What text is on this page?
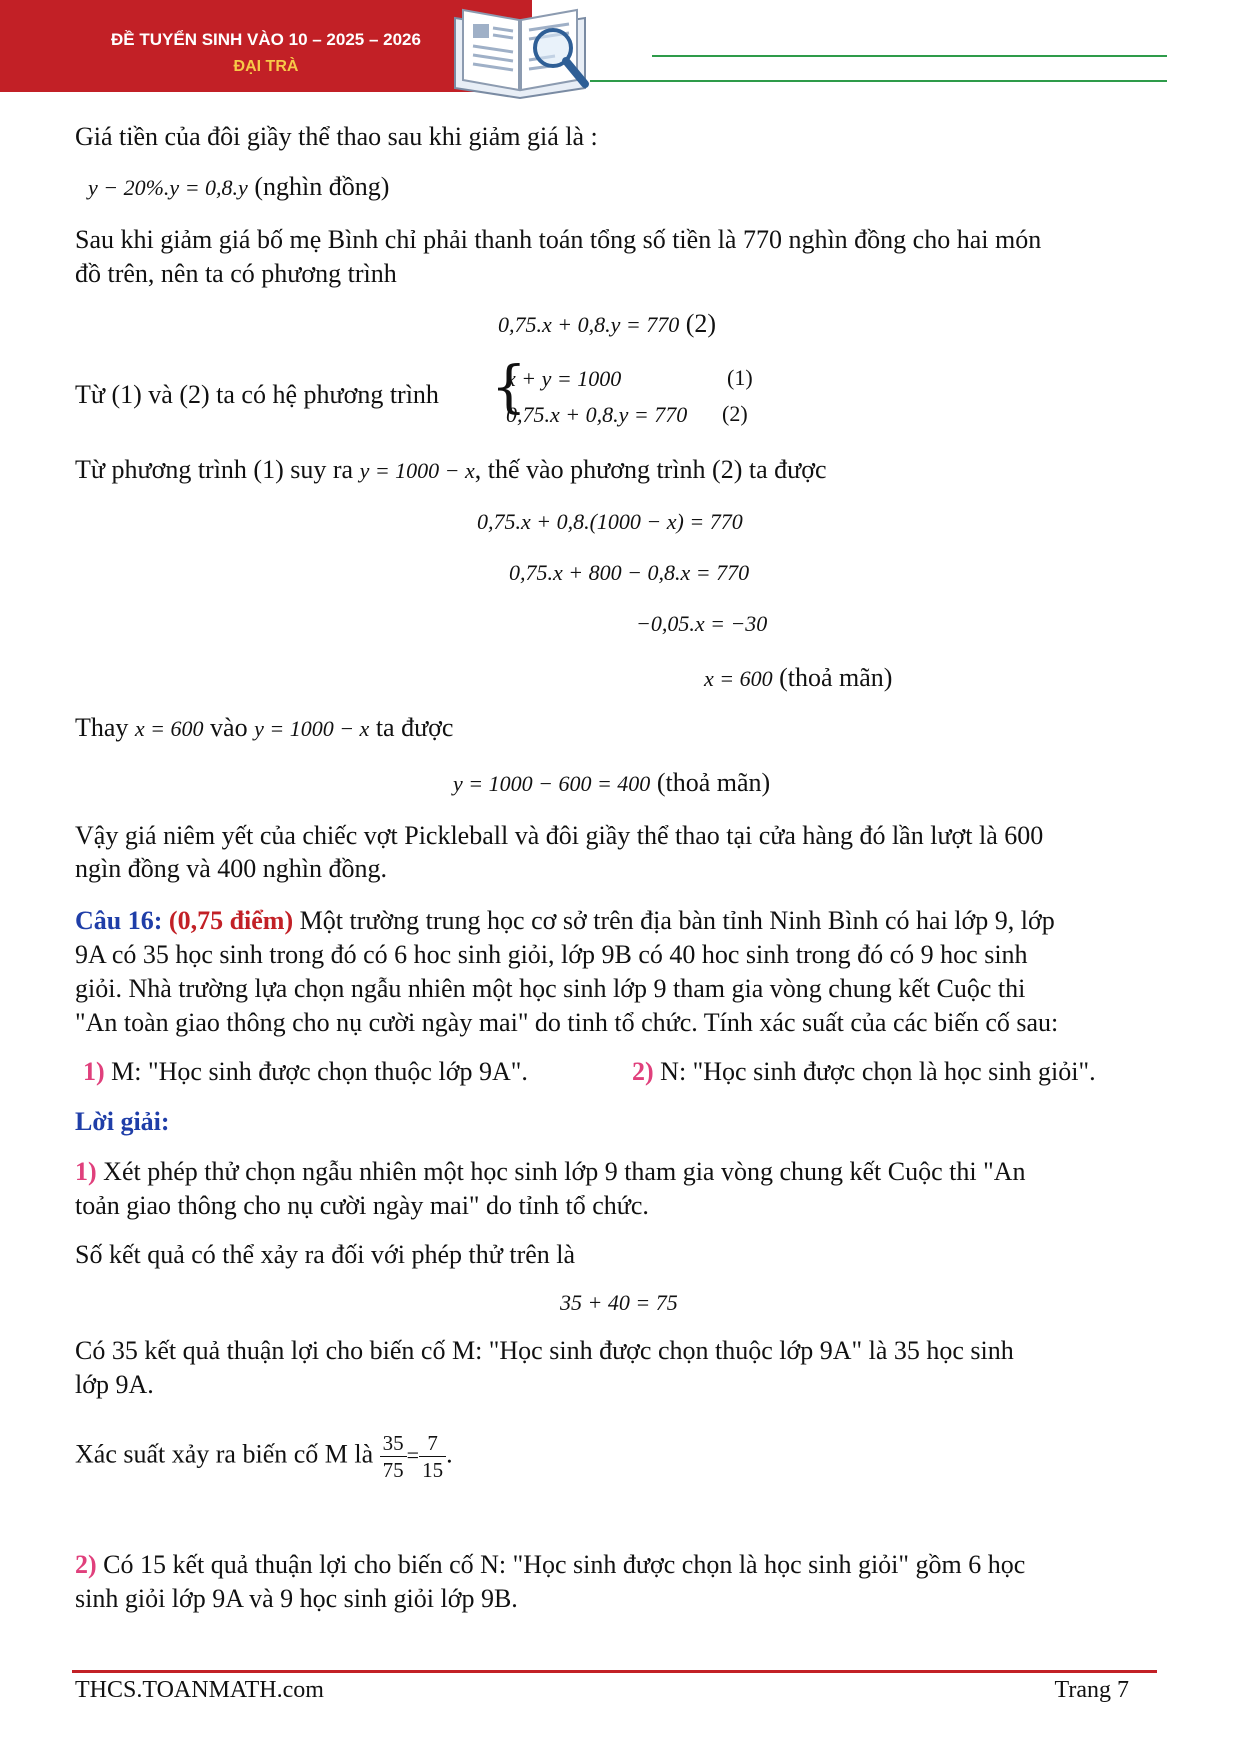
ĐỀ TUYỂN SINH VÀO 10 – 2025 – 2026
ĐẠI TRÀ
Giá tiền của đôi giầy thể thao sau khi giảm giá là :
y − 20%.y = 0,8.y (nghìn đồng)
Sau khi giảm giá bố mẹ Bình chỉ phải thanh toán tổng số tiền là 770 nghìn đồng cho hai món
đồ trên, nên ta có phương trình
0,75.x + 0,8.y = 770 (2)
Từ (1) và (2) ta có hệ phương trình {
x + y = 1000	(1)
0,75.x + 0,8.y = 770 (2)
Từ phương trình (1) suy ra y = 1000 − x, thế vào phương trình (2) ta được
0,75.x + 0,8.(1000 − x) = 770
0,75.x + 800 − 0,8.x = 770
−0,05.x = −30
x = 600 (thoả mãn)
Thay x = 600 vào y = 1000 − x ta được
y = 1000 − 600 = 400 (thoả mãn)
Vậy giá niêm yết của chiếc vợt Pickleball và đôi giầy thể thao tại cửa hàng đó lần lượt là 600
ngìn đồng và 400 nghìn đồng.
Câu 16: (0,75 điểm) Một trường trung học cơ sở trên địa bàn tỉnh Ninh Bình có hai lớp 9, lớp
9A có 35 học sinh trong đó có 6 hoc sinh giỏi, lớp 9B có 40 hoc sinh trong đó có 9 hoc sinh
giỏi. Nhà trường lựa chọn ngẫu nhiên một học sinh lớp 9 tham gia vòng chung kết Cuộc thi
"An toàn giao thông cho nụ cười ngày mai" do tinh tổ chức. Tính xác suất của các biến cố sau:
1) M: "Học sinh được chọn thuộc lớp 9A".	2) N: "Học sinh được chọn là học sinh giỏi".
Lời giải:
1) Xét phép thử chọn ngẫu nhiên một học sinh lớp 9 tham gia vòng chung kết Cuộc thi "An
toản giao thông cho nụ cười ngày mai" do tỉnh tổ chức.
Số kết quả có thể xảy ra đối với phép thử trên là
35 + 40 = 75
Có 35 kết quả thuận lợi cho biến cố M: "Học sinh được chọn thuộc lớp 9A" là 35 học sinh
lớp 9A.
Xác suất xảy ra biến cố M là $\frac{35}{75} = \frac{7}{15}$ .
2) Có 15 kết quả thuận lợi cho biến cố N: "Học sinh được chọn là học sinh giỏi" gồm 6 học
sinh giỏi lớp 9A và 9 học sinh giỏi lớp 9B.
THCS.TOANMATH.com	Trang 7
